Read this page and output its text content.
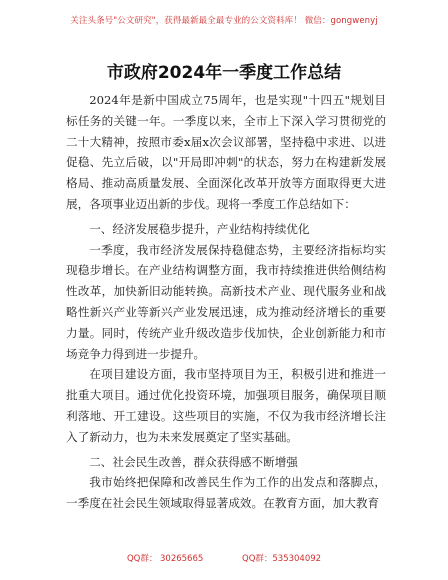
关注头条号"公文研究"，获得最新最全最专业的公文资料库！ 微信：gongwenyj
市政府2024年一季度工作总结

2024年是新中国成立75周年，也是实现"十四五"规划目标任务的关键一年。一季度以来，全市上下深入学习贯彻党的二十大精神，按照市委x届x次会议部署，坚持稳中求进、以进促稳、先立后破，以"开局即冲刺"的状态，努力在构建新发展格局、推动高质量发展、全面深化改革开放等方面取得更大进展，各项事业迈出新的步伐。现将一季度工作总结如下：

一、经济发展稳步提升，产业结构持续优化

一季度，我市经济发展保持稳健态势，主要经济指标均实现稳步增长。在产业结构调整方面，我市持续推进供给侧结构性改革，加快新旧动能转换。高新技术产业、现代服务业和战略性新兴产业等新兴产业发展迅速，成为推动经济增长的重要力量。同时，传统产业升级改造步伐加快，企业创新能力和市场竞争力得到进一步提升。

在项目建设方面，我市坚持项目为王，积极引进和推进一批重大项目。通过优化投资环境，加强项目服务，确保项目顺利落地、开工建设。这些项目的实施，不仅为我市经济增长注入了新动力，也为未来发展奠定了坚实基础。

二、社会民生改善，群众获得感不断增强

我市始终把保障和改善民生作为工作的出发点和落脚点，一季度在社会民生领域取得显著成效。在教育方面，加大教育

QQ群： 30265665	QQ群：535304092
